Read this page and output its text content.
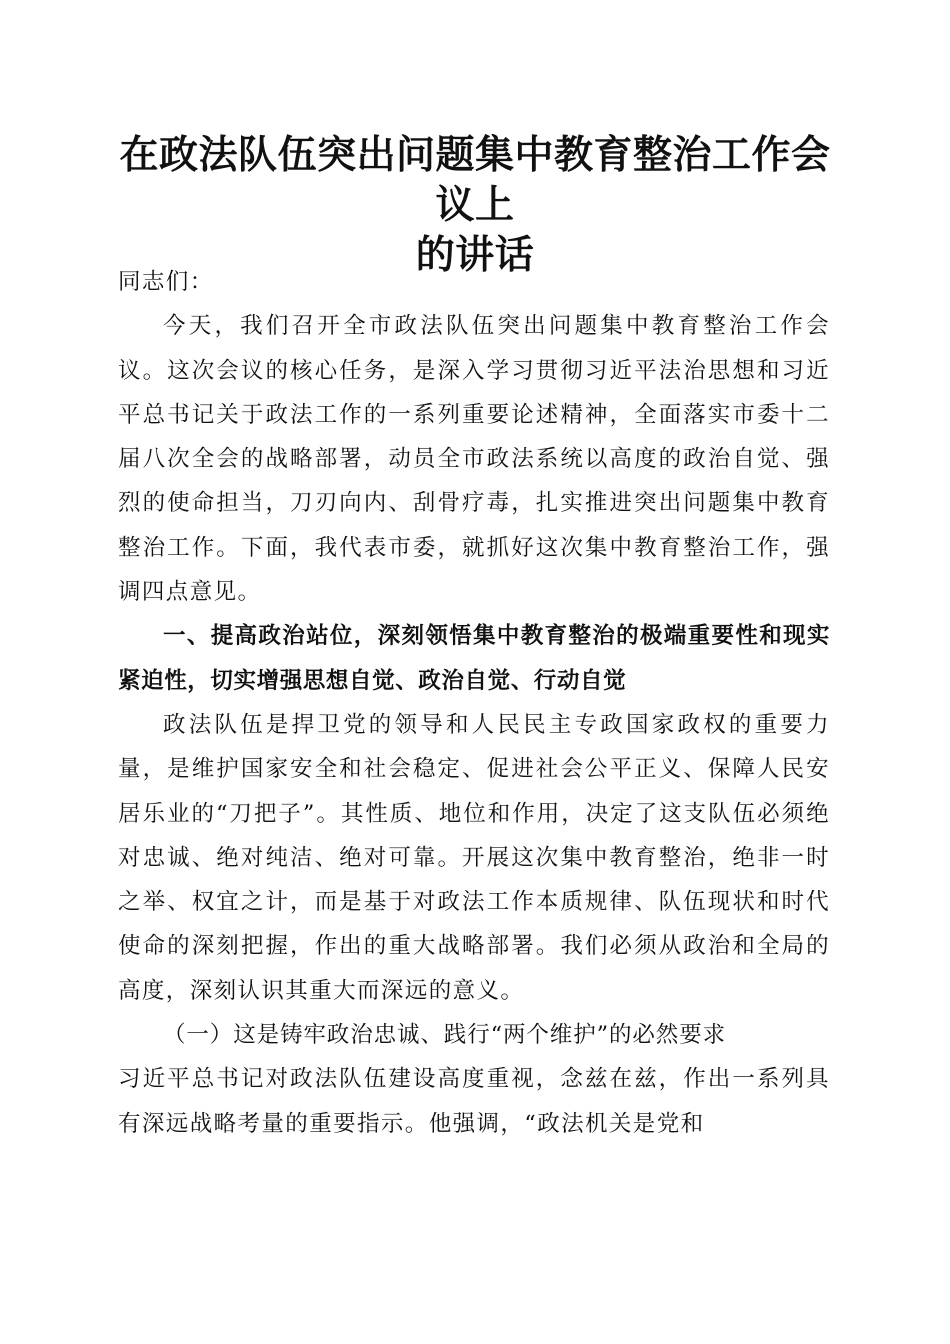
在政法队伍突出问题集中教育整治工作会议上
的讲话

同志们：

今天，我们召开全市政法队伍突出问题集中教育整治工作会议。这次会议的核心任务，是深入学习贯彻习近平法治思想和习近平总书记关于政法工作的一系列重要论述精神，全面落实市委十二届八次全会的战略部署，动员全市政法系统以高度的政治自觉、强烈的使命担当，刀刃向内、刮骨疗毒，扎实推进突出问题集中教育整治工作。下面，我代表市委，就抓好这次集中教育整治工作，强调四点意见。

一、提高政治站位，深刻领悟集中教育整治的极端重要性和现实紧迫性，切实增强思想自觉、政治自觉、行动自觉

政法队伍是捍卫党的领导和人民民主专政国家政权的重要力量，是维护国家安全和社会稳定、促进社会公平正义、保障人民安居乐业的“刀把子”。其性质、地位和作用，决定了这支队伍必须绝对忠诚、绝对纯洁、绝对可靠。开展这次集中教育整治，绝非一时之举、权宜之计，而是基于对政法工作本质规律、队伍现状和时代使命的深刻把握，作出的重大战略部署。我们必须从政治和全局的高度，深刻认识其重大而深远的意义。

（一）这是铸牢政治忠诚、践行“两个维护”的必然要求

习近平总书记对政法队伍建设高度重视，念兹在兹，作出一系列具有深远战略考量的重要指示。他强调，“政法机关是党和
